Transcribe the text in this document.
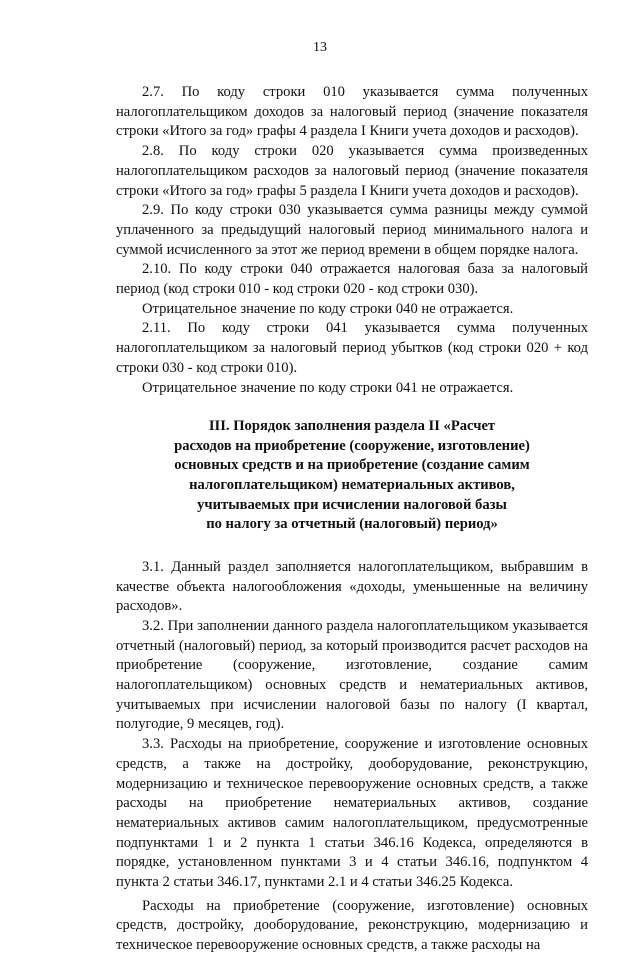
13

2.7. По коду строки 010 указывается сумма полученных налогоплательщиком доходов за налоговый период (значение показателя строки «Итого за год» графы 4 раздела I Книги учета доходов и расходов).

2.8. По коду строки 020 указывается сумма произведенных налогоплательщиком расходов за налоговый период (значение показателя строки «Итого за год» графы 5 раздела I Книги учета доходов и расходов).

2.9. По коду строки 030 указывается сумма разницы между суммой уплаченного за предыдущий налоговый период минимального налога и суммой исчисленного за этот же период времени в общем порядке налога.

2.10. По коду строки 040 отражается налоговая база за налоговый период (код строки 010 - код строки 020 - код строки 030).

Отрицательное значение по коду строки 040 не отражается.

2.11. По коду строки 041 указывается сумма полученных налогоплательщиком за налоговый период убытков (код строки 020 + код строки 030 - код строки 010).

Отрицательное значение по коду строки 041 не отражается.

III. Порядок заполнения раздела II «Расчет
расходов на приобретение (сооружение, изготовление)
основных средств и на приобретение (создание самим
налогоплательщиком) нематериальных активов,
учитываемых при исчислении налоговой базы
по налогу за отчетный (налоговый) период»

3.1. Данный раздел заполняется налогоплательщиком, выбравшим в качестве объекта налогообложения «доходы, уменьшенные на величину расходов».

3.2. При заполнении данного раздела налогоплательщиком указывается отчетный (налоговый) период, за который производится расчет расходов на приобретение (сооружение, изготовление, создание самим налогоплательщиком) основных средств и нематериальных активов, учитываемых при исчислении налоговой базы по налогу (I квартал, полугодие, 9 месяцев, год).

3.3. Расходы на приобретение, сооружение и изготовление основных средств, а также на достройку, дооборудование, реконструкцию, модернизацию и техническое перевооружение основных средств, а также расходы на приобретение нематериальных активов, создание нематериальных активов самим налогоплательщиком, предусмотренные подпунктами 1 и 2 пункта 1 статьи 346.16 Кодекса, определяются в порядке, установленном пунктами 3 и 4 статьи 346.16, подпунктом 4 пункта 2 статьи 346.17, пунктами 2.1 и 4 статьи 346.25 Кодекса.

Расходы на приобретение (сооружение, изготовление) основных средств, достройку, дооборудование, реконструкцию, модернизацию и техническое перевооружение основных средств, а также расходы на
